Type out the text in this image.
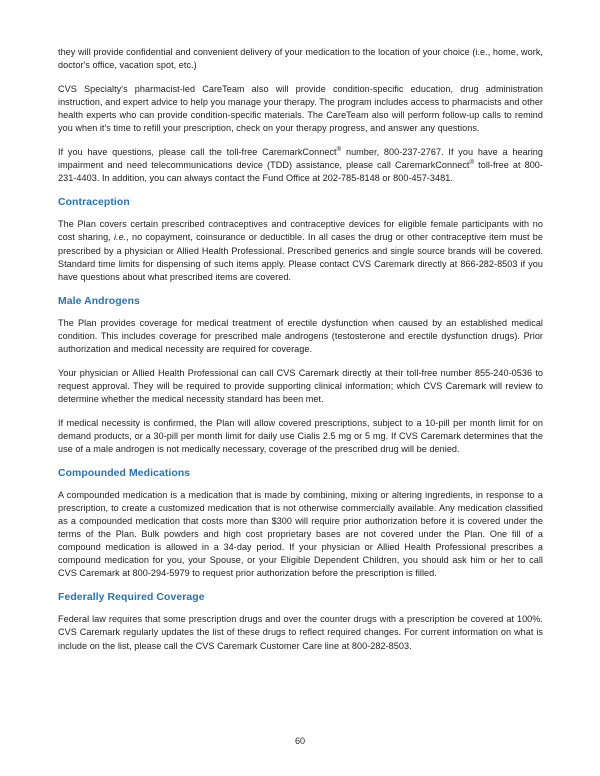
they will provide confidential and convenient delivery of your medication to the location of your choice (i.e., home, work, doctor's office, vacation spot, etc.)

CVS Specialty's pharmacist-led CareTeam also will provide condition-specific education, drug administration instruction, and expert advice to help you manage your therapy. The program includes access to pharmacists and other health experts who can provide condition-specific materials. The CareTeam also will perform follow-up calls to remind you when it's time to refill your prescription, check on your therapy progress, and answer any questions.

If you have questions, please call the toll-free CaremarkConnect® number, 800-237-2767. If you have a hearing impairment and need telecommunications device (TDD) assistance, please call CaremarkConnect® toll-free at 800-231-4403. In addition, you can always contact the Fund Office at 202-785-8148 or 800-457-3481.

Contraception

The Plan covers certain prescribed contraceptives and contraceptive devices for eligible female participants with no cost sharing, i.e., no copayment, coinsurance or deductible. In all cases the drug or other contraceptive item must be prescribed by a physician or Allied Health Professional. Prescribed generics and single source brands will be covered. Standard time limits for dispensing of such items apply. Please contact CVS Caremark directly at 866-282-8503 if you have questions about what prescribed items are covered.

Male Androgens

The Plan provides coverage for medical treatment of erectile dysfunction when caused by an established medical condition. This includes coverage for prescribed male androgens (testosterone and erectile dysfunction drugs). Prior authorization and medical necessity are required for coverage.

Your physician or Allied Health Professional can call CVS Caremark directly at their toll-free number 855-240-0536 to request approval. They will be required to provide supporting clinical information; which CVS Caremark will review to determine whether the medical necessity standard has been met.

If medical necessity is confirmed, the Plan will allow covered prescriptions, subject to a 10-pill per month limit for on demand products, or a 30-pill per month limit for daily use Cialis 2.5 mg or 5 mg. If CVS Caremark determines that the use of a male androgen is not medically necessary, coverage of the prescribed drug will be denied.

Compounded Medications

A compounded medication is a medication that is made by combining, mixing or altering ingredients, in response to a prescription, to create a customized medication that is not otherwise commercially available. Any medication classified as a compounded medication that costs more than $300 will require prior authorization before it is covered under the terms of the Plan. Bulk powders and high cost proprietary bases are not covered under the Plan. One fill of a compound medication is allowed in a 34-day period. If your physician or Allied Health Professional prescribes a compound medication for you, your Spouse, or your Eligible Dependent Children, you should ask him or her to call CVS Caremark at 800-294-5979 to request prior authorization before the prescription is filled.

Federally Required Coverage

Federal law requires that some prescription drugs and over the counter drugs with a prescription be covered at 100%. CVS Caremark regularly updates the list of these drugs to reflect required changes. For current information on what is include on the list, please call the CVS Caremark Customer Care line at 800-282-8503.

60
